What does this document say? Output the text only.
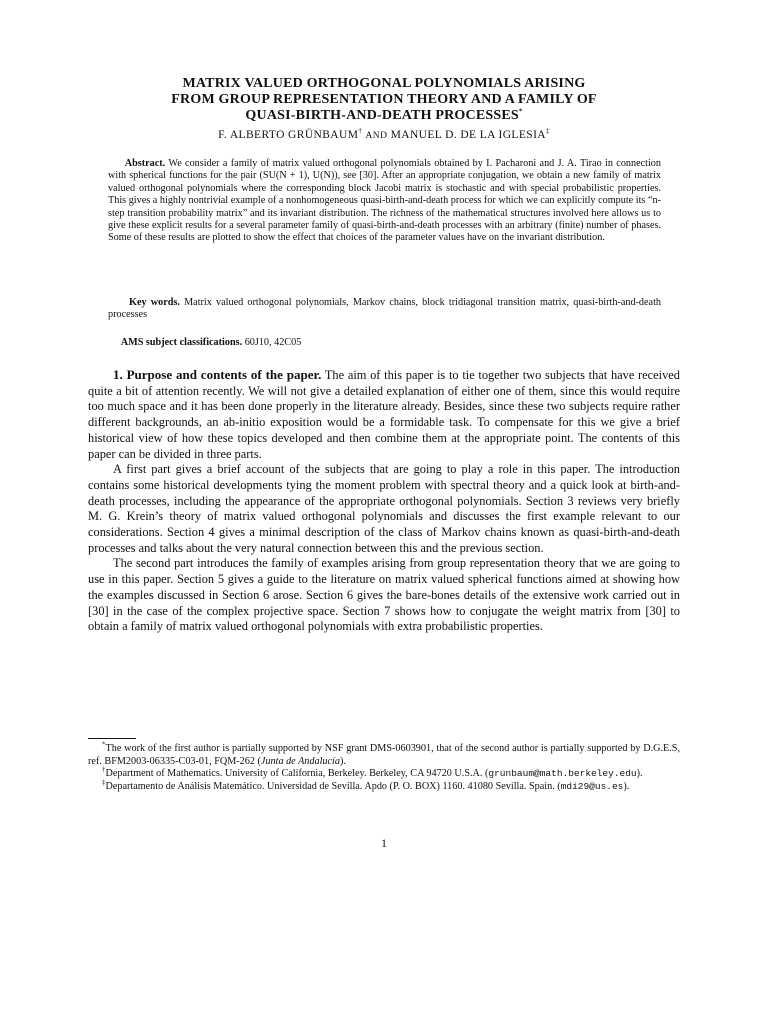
MATRIX VALUED ORTHOGONAL POLYNOMIALS ARISING
FROM GROUP REPRESENTATION THEORY AND A FAMILY OF
QUASI-BIRTH-AND-DEATH PROCESSES*
F. ALBERTO GRÜNBAUM† AND MANUEL D. DE LA IGLESIA‡
Abstract. We consider a family of matrix valued orthogonal polynomials obtained by I. Pacharoni and J. A. Tirao in connection with spherical functions for the pair (SU(N + 1), U(N)), see [30]. After an appropriate conjugation, we obtain a new family of matrix valued orthogonal polynomials where the corresponding block Jacobi matrix is stochastic and with special probabilistic properties. This gives a highly nontrivial example of a nonhomogeneous quasi-birth-and-death process for which we can explicitly compute its “n-step transition probability matrix” and its invariant distribution. The richness of the mathematical structures involved here allows us to give these explicit results for a several parameter family of quasi-birth-and-death processes with an arbitrary (finite) number of phases. Some of these results are plotted to show the effect that choices of the parameter values have on the invariant distribution.
Key words. Matrix valued orthogonal polynomials, Markov chains, block tridiagonal transition matrix, quasi-birth-and-death processes
AMS subject classifications. 60J10, 42C05

1. Purpose and contents of the paper. The aim of this paper is to tie together two subjects that have received quite a bit of attention recently. We will not give a detailed explanation of either one of them, since this would require too much space and it has been done properly in the literature already. Besides, since these two subjects require rather different backgrounds, an ab-initio exposition would be a formidable task. To compensate for this we give a brief historical view of how these topics developed and then combine them at the appropriate point. The contents of this paper can be divided in three parts.

A first part gives a brief account of the subjects that are going to play a role in this paper. The introduction contains some historical developments tying the moment problem with spectral theory and a quick look at birth-and-death processes, including the appearance of the appropriate orthogonal polynomials. Section 3 reviews very briefly M. G. Krein’s theory of matrix valued orthogonal polynomials and discusses the first example relevant to our considerations. Section 4 gives a minimal description of the class of Markov chains known as quasi-birth-and-death processes and talks about the very natural connection between this and the previous section.

The second part introduces the family of examples arising from group representation theory that we are going to use in this paper. Section 5 gives a guide to the literature on matrix valued spherical functions aimed at showing how the examples discussed in Section 6 arose. Section 6 gives the bare-bones details of the extensive work carried out in [30] in the case of the complex projective space. Section 7 shows how to conjugate the weight matrix from [30] to obtain a family of matrix valued orthogonal polynomials with extra probabilistic properties.

*The work of the first author is partially supported by NSF grant DMS-0603901, that of the second author is partially supported by D.G.E.S, ref. BFM2003-06335-C03-01, FQM-262 (Junta de Andalucía).

†Department of Mathematics. University of California, Berkeley. Berkeley, CA 94720 U.S.A. (grunbaum@math.berkeley.edu).

‡Departamento de Análisis Matemático. Universidad de Sevilla. Apdo (P. O. BOX) 1160. 41080 Sevilla. Spain. (mdi29@us.es).

1
